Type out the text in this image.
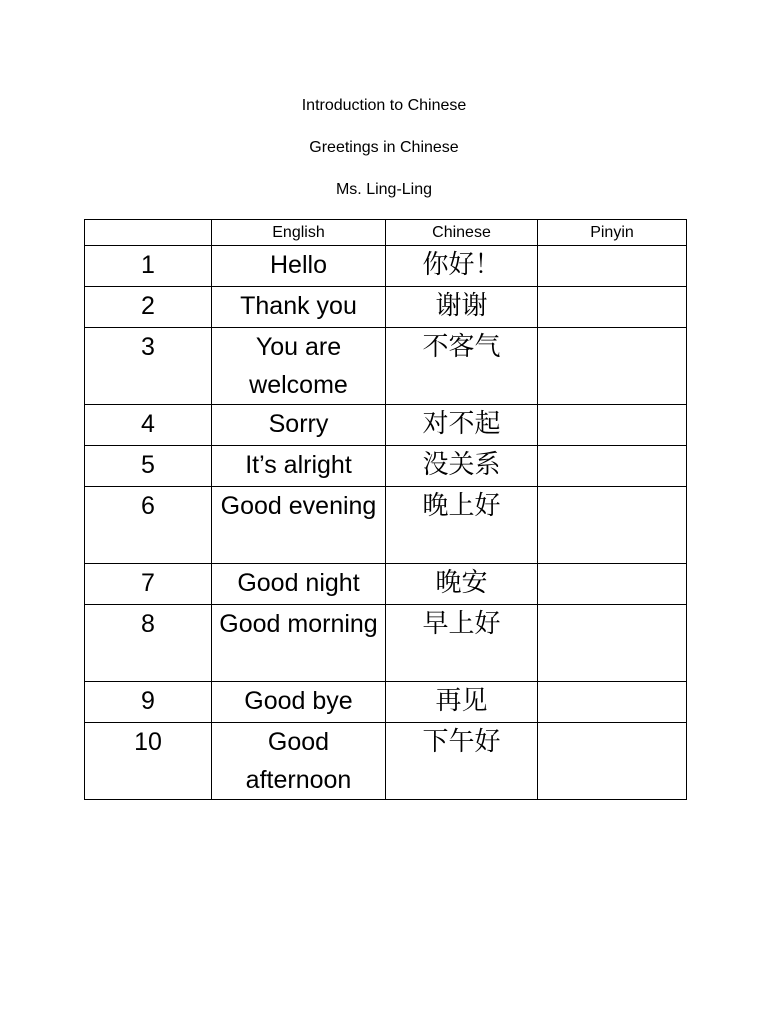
Introduction to Chinese
Greetings in Chinese
Ms. Ling-Ling
	English	Chinese	Pinyin
1	Hello	你好！	
2	Thank you	谢谢	
3	You are welcome	不客气	
4	Sorry	对不起	
5	It’s alright	没关系	
6	Good evening	晚上好	
7	Good night	晚安	
8	Good morning	早上好	
9	Good bye	再见	
10	Good afternoon	下午好	
